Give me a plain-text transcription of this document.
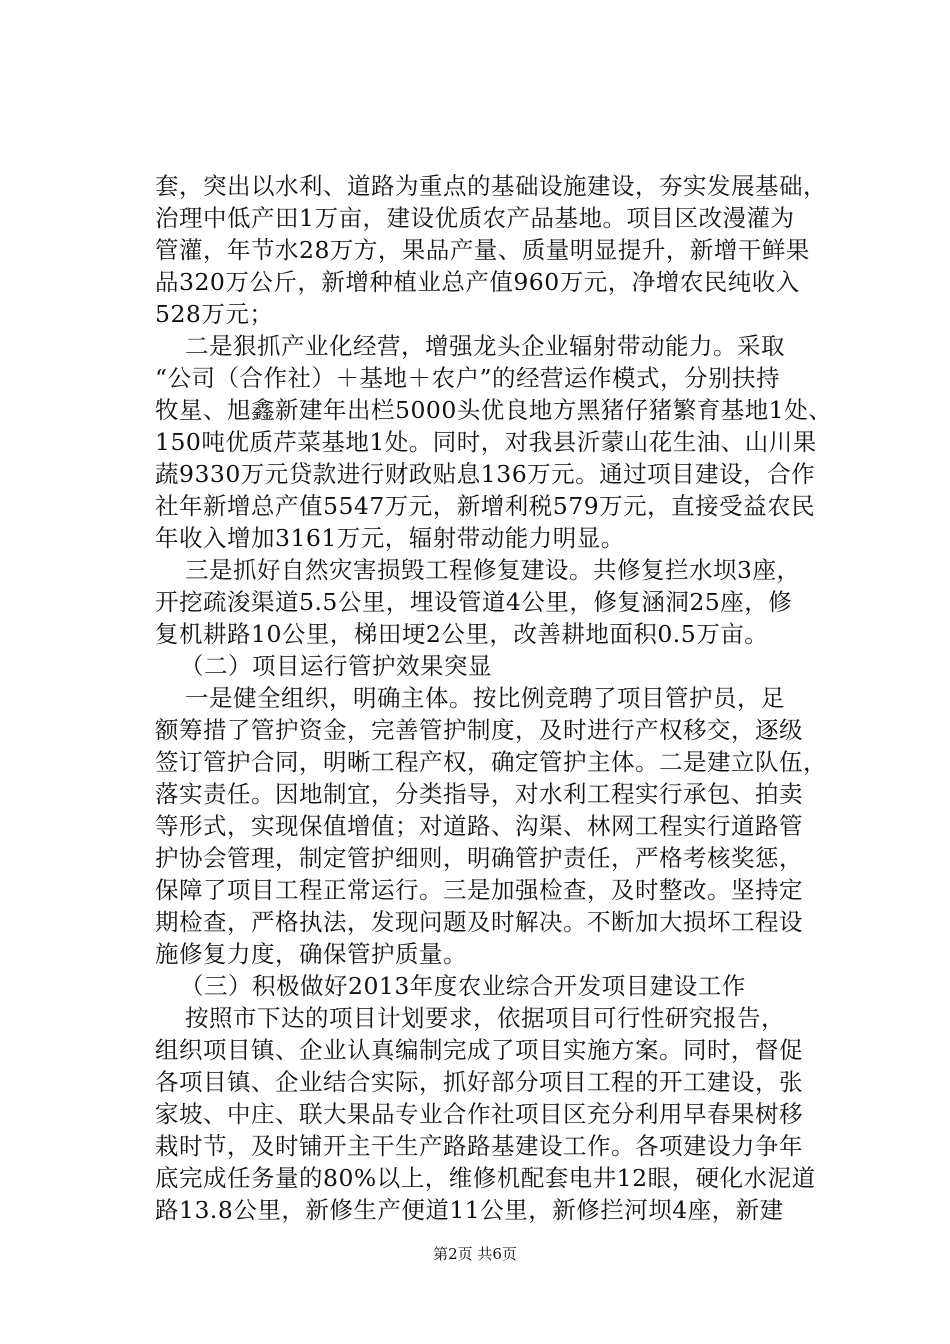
套，突出以水利、道路为重点的基础设施建设，夯实发展基础，
治理中低产田1万亩，建设优质农产品基地。项目区改漫灌为
管灌，年节水28万方，果品产量、质量明显提升，新增干鲜果
品320万公斤，新增种植业总产值960万元，净增农民纯收入
528万元；
二是狠抓产业化经营，增强龙头企业辐射带动能力。采取
“公司（合作社）＋基地＋农户”的经营运作模式，分别扶持
牧星、旭鑫新建年出栏5000头优良地方黑猪仔猪繁育基地1处、
150吨优质芹菜基地1处。同时，对我县沂蒙山花生油、山川果
蔬9330万元贷款进行财政贴息136万元。通过项目建设，合作
社年新增总产值5547万元，新增利税579万元，直接受益农民
年收入增加3161万元，辐射带动能力明显。
三是抓好自然灾害损毁工程修复建设。共修复拦水坝3座，
开挖疏浚渠道5.5公里，埋设管道4公里，修复涵洞25座，修
复机耕路10公里，梯田埂2公里，改善耕地面积0.5万亩。
（二）项目运行管护效果突显
一是健全组织，明确主体。按比例竞聘了项目管护员，足
额筹措了管护资金，完善管护制度，及时进行产权移交，逐级
签订管护合同，明晰工程产权，确定管护主体。二是建立队伍，
落实责任。因地制宜，分类指导，对水利工程实行承包、拍卖
等形式，实现保值增值；对道路、沟渠、林网工程实行道路管
护协会管理，制定管护细则，明确管护责任，严格考核奖惩，
保障了项目工程正常运行。三是加强检查，及时整改。坚持定
期检查，严格执法，发现问题及时解决。不断加大损坏工程设
施修复力度，确保管护质量。
（三）积极做好2013年度农业综合开发项目建设工作
按照市下达的项目计划要求，依据项目可行性研究报告，
组织项目镇、企业认真编制完成了项目实施方案。同时，督促
各项目镇、企业结合实际，抓好部分项目工程的开工建设，张
家坡、中庄、联大果品专业合作社项目区充分利用早春果树移
栽时节，及时铺开主干生产路路基建设工作。各项建设力争年
底完成任务量的80%以上，维修机配套电井12眼，硬化水泥道
路13.8公里，新修生产便道11公里，新修拦河坝4座，新建
第2页 共6页
